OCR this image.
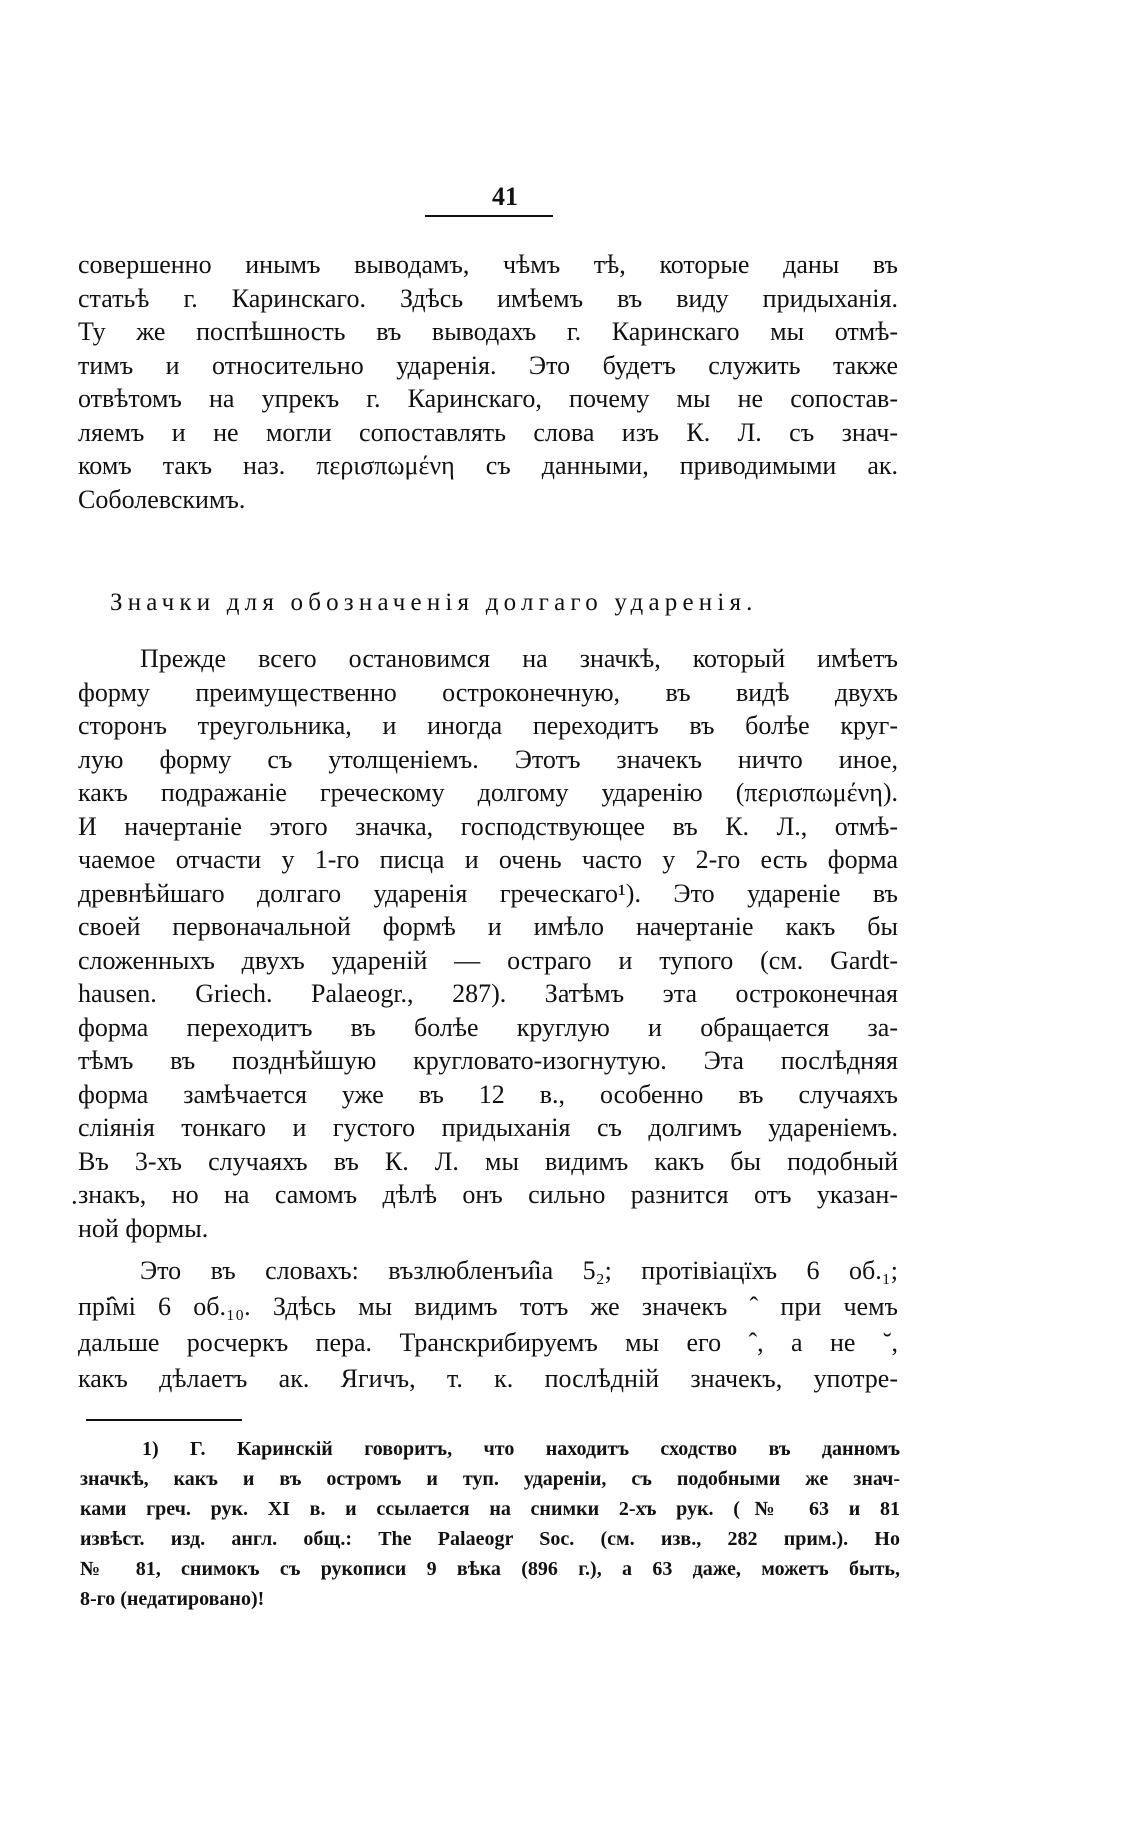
41
совершенно инымъ выводамъ, чѣмъ тѣ, которые даны въ
статьѣ г. Каринскаго. Здѣсь имѣемъ въ виду придыханія.
Ту же поспѣшность въ выводахъ г. Каринскаго мы отмѣ-
тимъ и относительно ударенія. Это будетъ служить также
отвѣтомъ на упрекъ г. Каринскаго, почему мы не сопостав-
ляемъ и не могли сопоставлять слова изъ К. Л. съ знач-
комъ такъ наз. περισπωμένη съ данными, приводимыми ак.
Соболевскимъ.
Значки для обозначенія долгаго ударенія.
Прежде всего остановимся на значкѣ, который имѣетъ
форму преимущественно остроконечную, въ видѣ двухъ
сторонъ треугольника, и иногда переходитъ въ болѣе круг-
лую форму съ утолщеніемъ. Этотъ значекъ ничто иное,
какъ подражаніе греческому долгому ударенію (περισπωμένη).
И начертаніе этого значка, господствующее въ К. Л., отмѣ-
чаемое отчасти у 1-го писца и очень часто у 2-го есть форма
древнѣйшаго долгаго ударенія греческаго¹). Это удареніе въ
своей первоначальной формѣ и имѣло начертаніе какъ бы
сложенныхъ двухъ удареній — остраго и тупого (см. Gardt-
hausen. Griech. Palaeogr., 287). Затѣмъ эта остроконечная
форма переходитъ въ болѣе круглую и обращается за-
тѣмъ въ позднѣйшую кругловато-изогнутую. Эта послѣдняя
форма замѣчается уже въ 12 в., особенно въ случаяхъ
слiянія тонкаго и густого придыханія съ долгимъ удареніемъ.
Въ 3-хъ случаяхъ въ К. Л. мы видимъ какъ бы подобный
знакъ, но на самомъ дѣлѣ онъ сильно разнится отъ указан-
ной формы.
·
Это въ словахъ: възлюбленъи̂іа 5₂; протівіацїхъ 6 об.₁;
прі̂мі 6 об.₁₀. Здѣсь мы видимъ тотъ же значекъ ˆ при чемъ
дальше росчеркъ пера. Транскрибируемъ мы его ˆ, а не ˘,
какъ дѣлаетъ ак. Ягичъ, т. к. послѣдній значекъ, употре-
1) Г. Каринскій говоритъ, что находитъ сходство въ данномъ
значкѣ, какъ и въ остромъ и туп. удареніи, съ подобными же знач-
ками греч. рук. XI в. и ссылается на снимки 2-хъ рук. (№ 63 и 81
извѣст. изд. англ. общ.: The Palaeogr Soc. (см. изв., 282 прим.). Но
№ 81, снимокъ съ рукописи 9 вѣка (896 г.), а 63 даже, можетъ быть,
8-го (недатировано)!
